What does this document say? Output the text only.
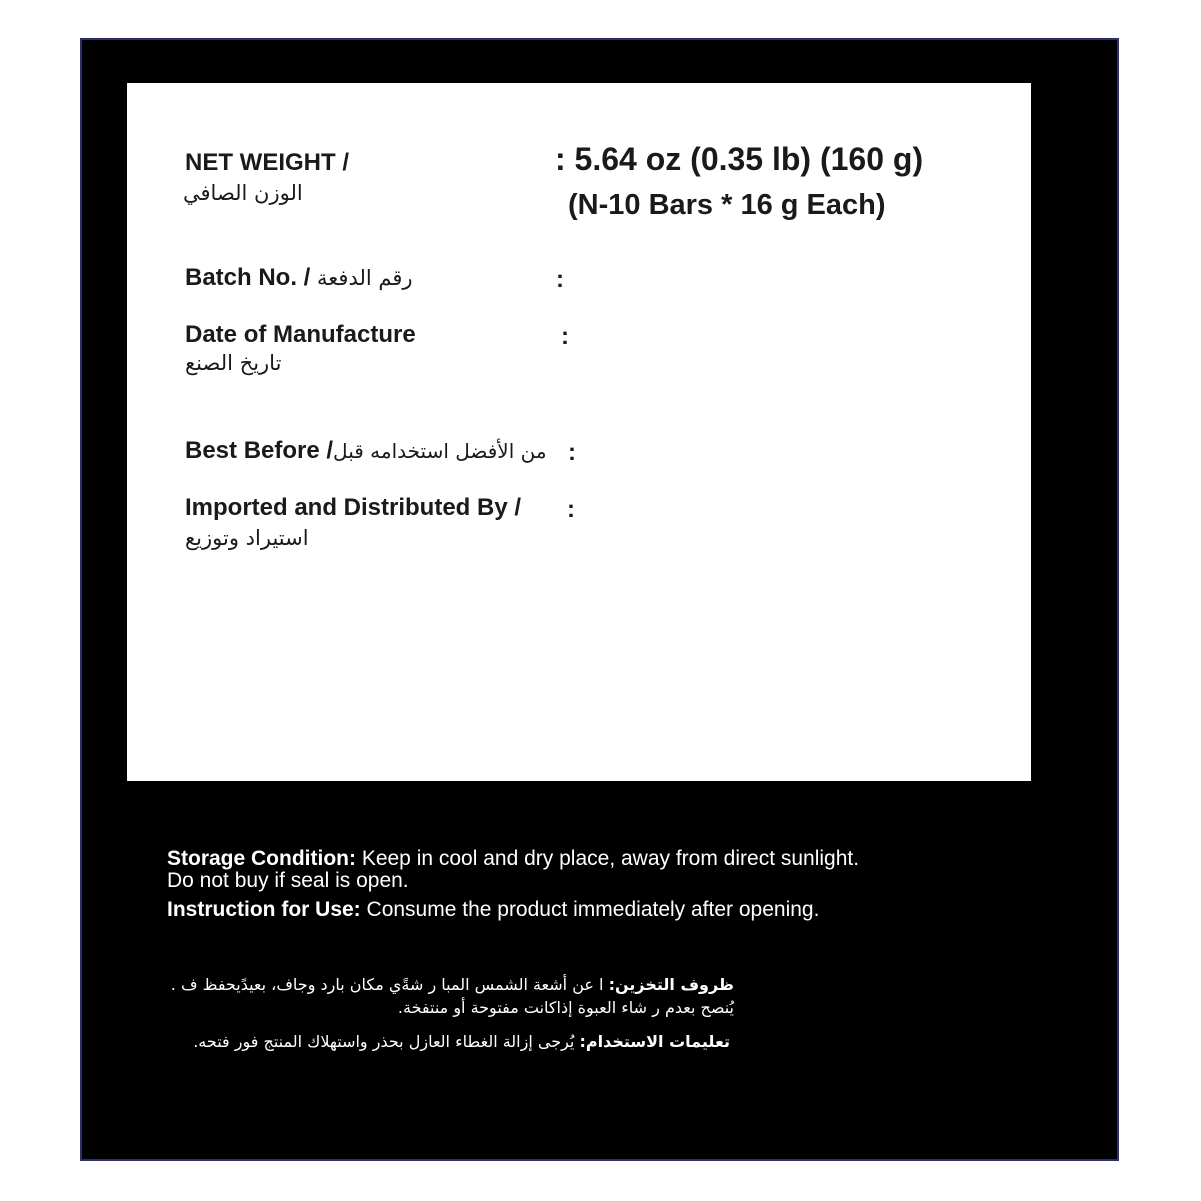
NET WEIGHT /
الوزن الصافي
: 5.64 oz (0.35 lb) (160 g)
(N-10 Bars * 16 g Each)
Batch No. / رقم الدفعة	:
Date of Manufacture
تاريخ الصنع
:
Best Before /من الأفضل استخدامه قبل :
Imported and Distributed By /
استيراد وتوزيع
:
Storage Condition: Keep in cool and dry place, away from direct sunlight. Do not buy if seal is open.
Instruction for Use: Consume the product immediately after opening.
ظروف التخزين: ا عن أشعة الشمس المبا ر شةًي مكان بارد وجاف، بعيدًيحفظ ف .
يُنصح بعدم ر شاء العبوة إذاكانت مفتوحة أو منتفخة.
تعليمات الاستخدام: يُرجى إزالة الغطاء العازل بحذر واستهلاك المنتج فور فتحه.
